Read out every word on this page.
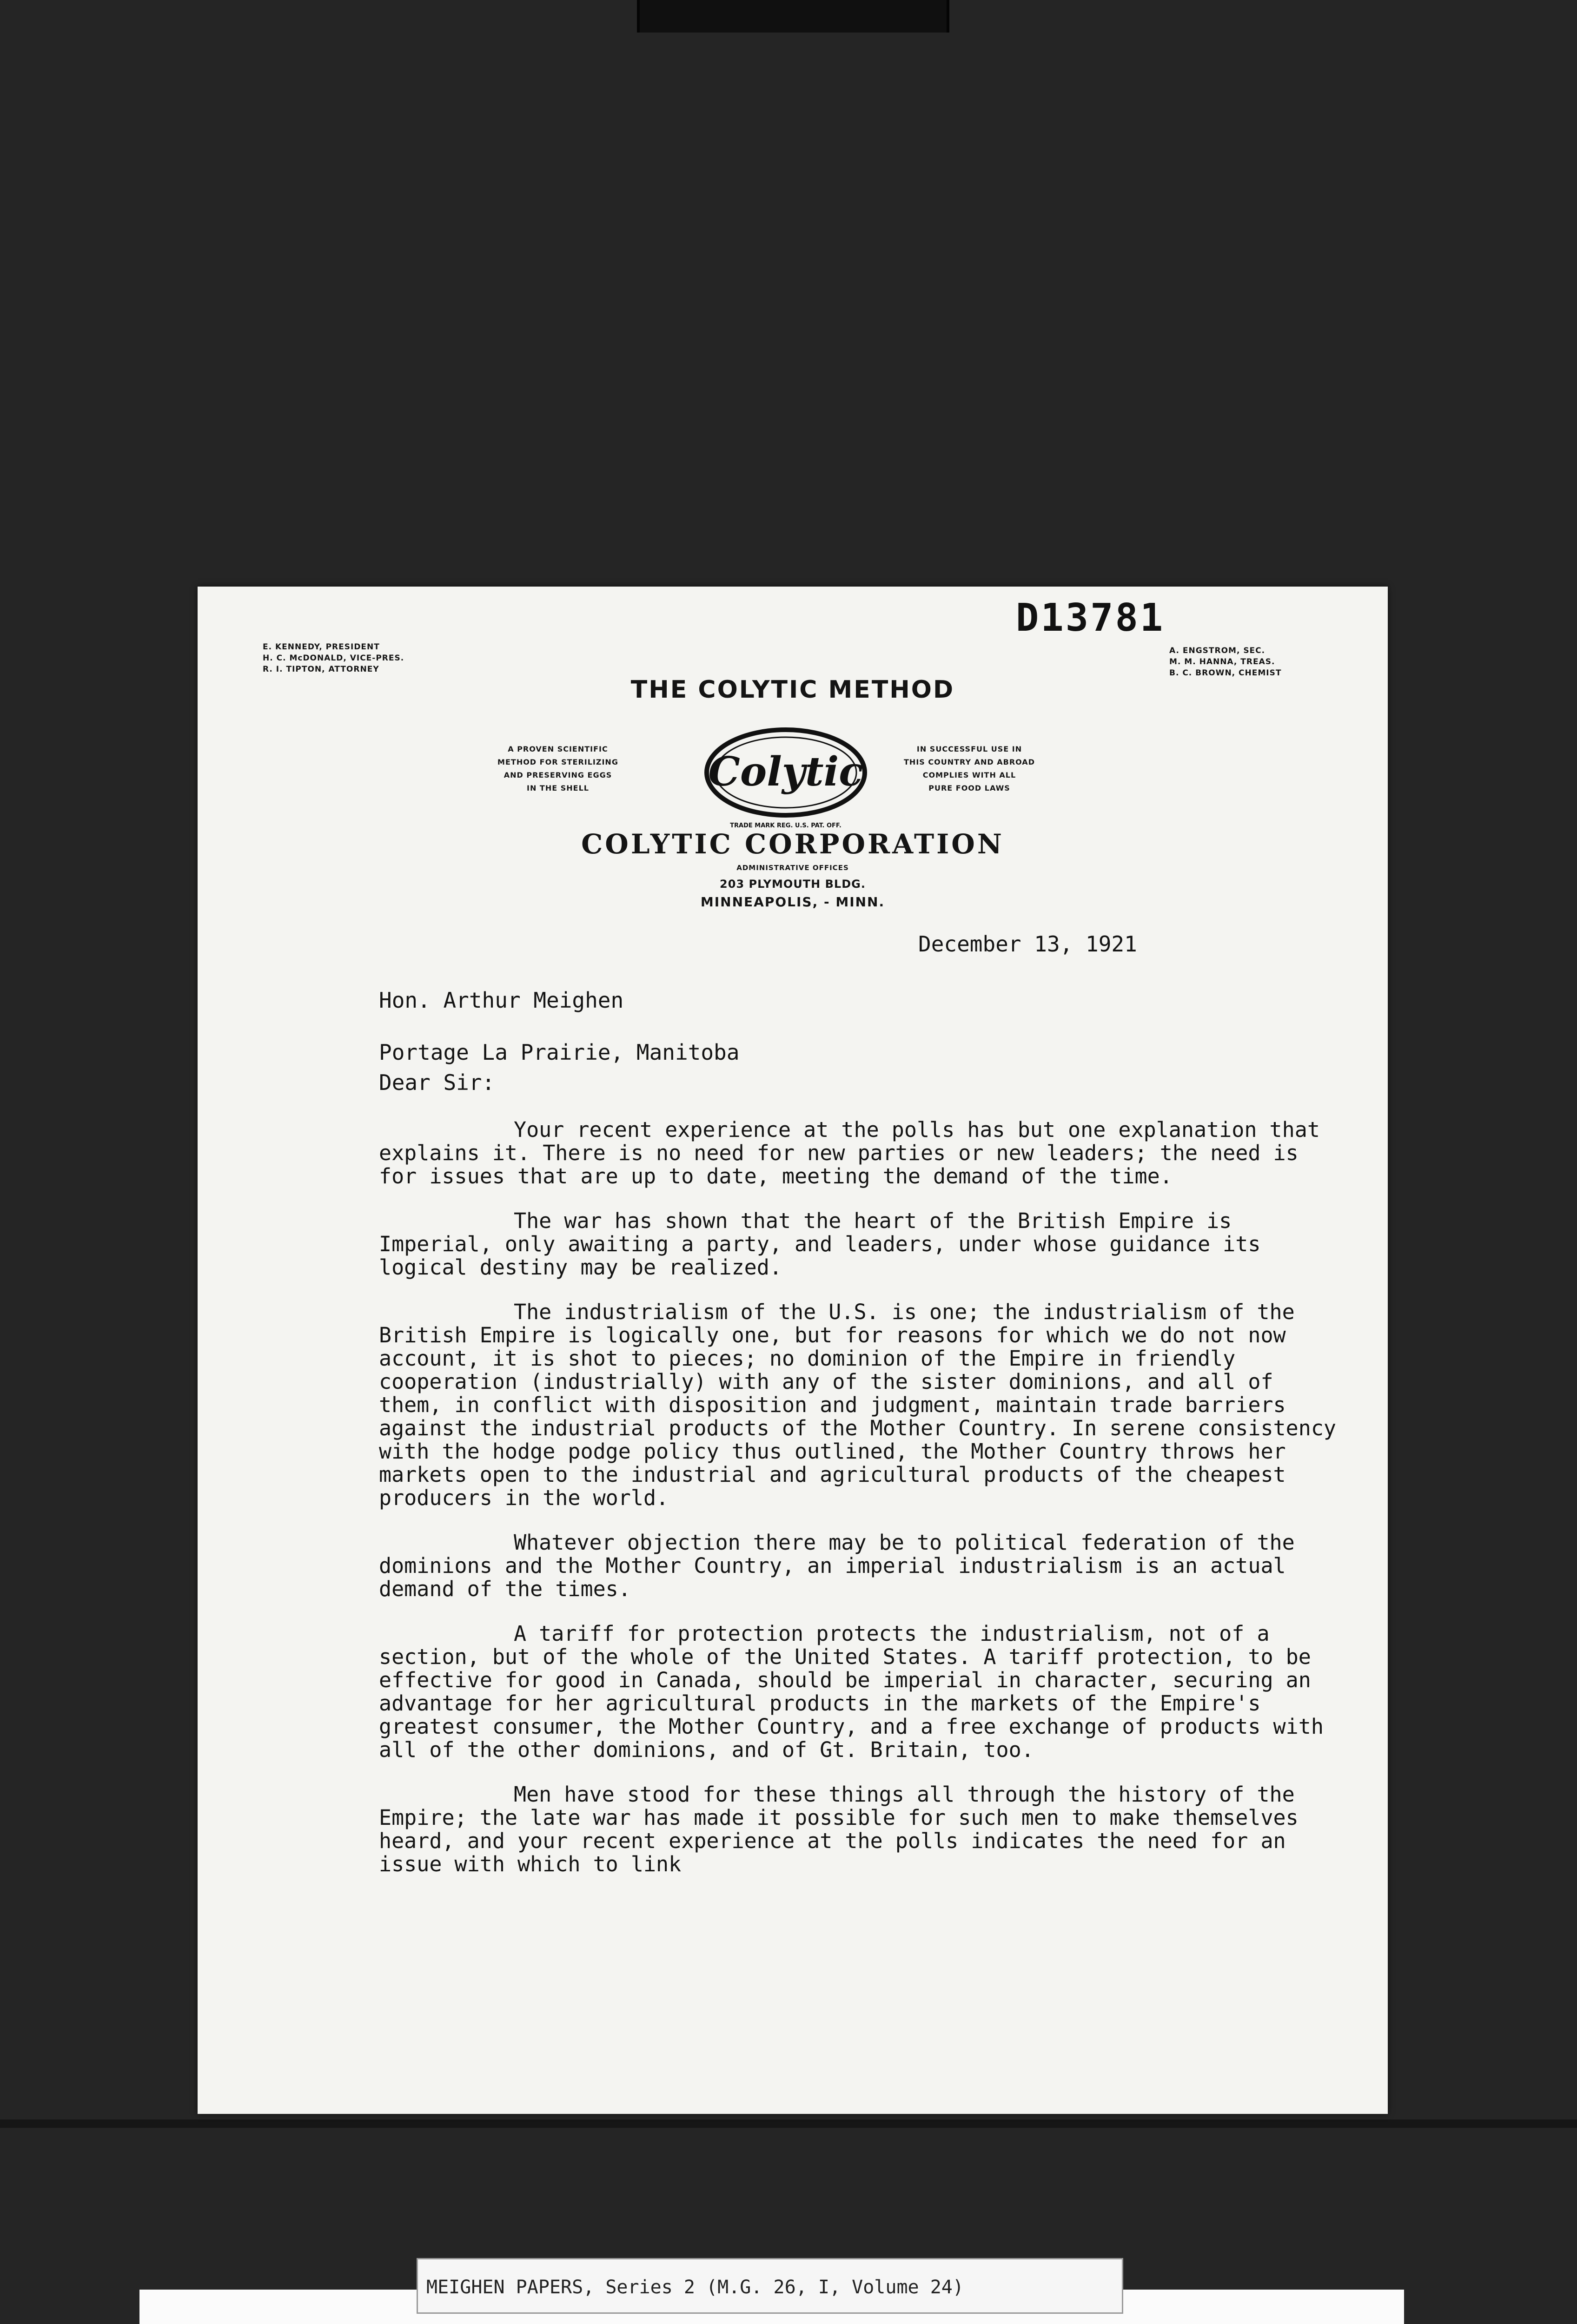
E. KENNEDY, PRESIDENT
H. C. McDONALD, VICE-PRES.
R. I. TIPTON, ATTORNEY
D13781
A. ENGSTROM, SEC.
M. M. HANNA, TREAS.
B. C. BROWN, CHEMIST
THE COLYTIC METHOD
A PROVEN SCIENTIFIC
METHOD FOR STERILIZING
AND PRESERVING EGGS
IN THE SHELL	Colytic
TRADE MARK REG. U.S. PAT. OFF.
IN SUCCESSFUL USE IN
THIS COUNTRY AND ABROAD
COMPLIES WITH ALL
PURE FOOD LAWS
COLYTIC CORPORATION
ADMINISTRATIVE OFFICES
203 PLYMOUTH BLDG.
MINNEAPOLIS, - MINN.
December 13, 1921
Hon. Arthur Meighen
Portage La Prairie, Manitoba
Dear Sir:

Your recent experience at the polls has but one explanation that explains it. There is no need for new parties or new leaders; the need is for issues that are up to date, meeting the demand of the time.

The war has shown that the heart of the British Empire is Imperial, only awaiting a party, and leaders, under whose guidance its logical destiny may be realized.

The industrialism of the U.S. is one; the industrialism of the British Empire is logically one, but for reasons for which we do not now account, it is shot to pieces; no dominion of the Empire in friendly cooperation (industrially) with any of the sister dominions, and all of them, in conflict with disposition and judgment, maintain trade barriers against the industrial products of the Mother Country. In serene consistency with the hodge podge policy thus outlined, the Mother Country throws her markets open to the industrial and agricultural products of the cheapest producers in the world.

Whatever objection there may be to political federation of the dominions and the Mother Country, an imperial industrialism is an actual demand of the times.

A tariff for protection protects the industrialism, not of a section, but of the whole of the United States. A tariff protection, to be effective for good in Canada, should be imperial in character, securing an advantage for her agricultural products in the markets of the Empire's greatest consumer, the Mother Country, and a free exchange of products with all of the other dominions, and of Gt. Britain, too.

Men have stood for these things all through the history of the Empire; the late war has made it possible for such men to make themselves heard, and your recent experience at the polls indicates the need for an issue with which to link

MEIGHEN PAPERS, Series 2 (M.G. 26, I, Volume 24)
